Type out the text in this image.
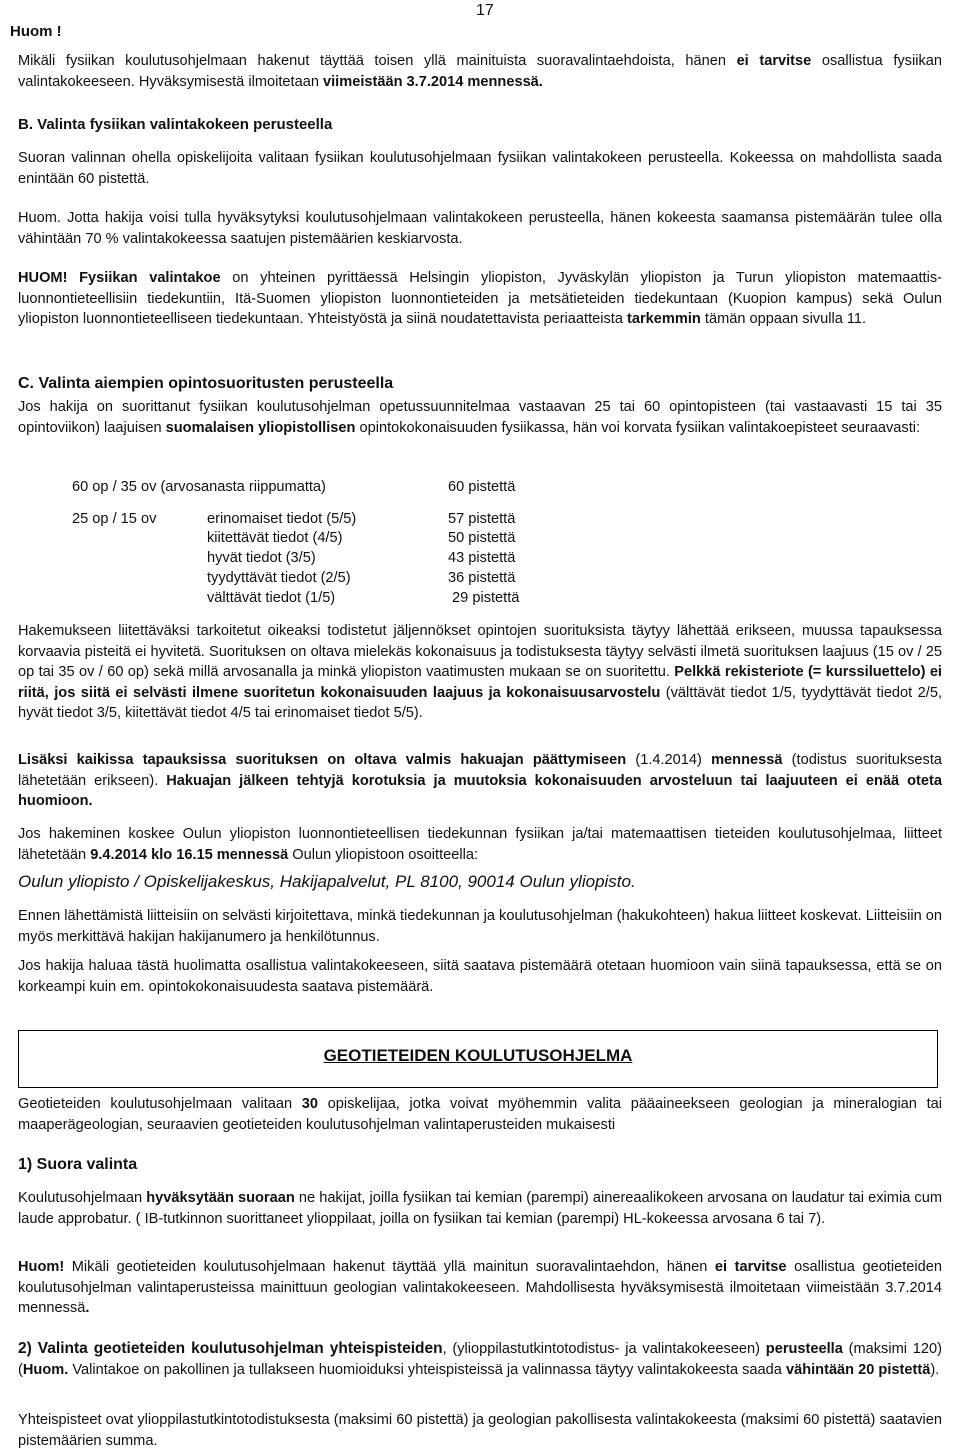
17
Huom !

Mikäli fysiikan koulutusohjelmaan hakenut täyttää toisen yllä mainituista suoravalintaehdoista, hänen ei tarvitse osallistua fysiikan valintakokeeseen. Hyväksymisestä ilmoitetaan viimeistään 3.7.2014 mennessä.

B. Valinta fysiikan valintakokeen perusteella

Suoran valinnan ohella opiskelijoita valitaan fysiikan koulutusohjelmaan fysiikan valintakokeen perusteella. Kokeessa on mahdollista saada enintään 60 pistettä.

Huom. Jotta hakija voisi tulla hyväksytyksi koulutusohjelmaan valintakokeen perusteella, hänen kokeesta saamansa pistemäärän tulee olla vähintään 70 % valintakokeessa saatujen pistemäärien keskiarvosta.

HUOM! Fysiikan valintakoe on yhteinen pyrittäessä Helsingin yliopiston, Jyväskylän yliopiston ja Turun yliopiston matemaattis-luonnontieteellisiin tiedekuntiin, Itä-Suomen yliopiston luonnontieteiden ja metsätieteiden tiedekuntaan (Kuopion kampus) sekä Oulun yliopiston luonnontieteelliseen tiedekuntaan. Yhteistyöstä ja siinä noudatettavista periaatteista tarkemmin tämän oppaan sivulla 11.

C. Valinta aiempien opintosuoritusten perusteella

Jos hakija on suorittanut fysiikan koulutusohjelman opetussuunnitelmaa vastaavan 25 tai 60 opintopisteen (tai vastaavasti 15 tai 35 opintoviikon) laajuisen suomalaisen yliopistollisen opintokokonaisuuden fysiikassa, hän voi korvata fysiikan valintakoepisteet seuraavasti:

60 op / 35 ov (arvosanasta riippumatta)	60 pistettä
25 op / 15 ov	erinomaiset tiedot (5/5)	57 pistettä
kiitettävät tiedot (4/5)	50 pistettä
hyvät tiedot (3/5)	43 pistettä
tyydyttävät tiedot (2/5)	36 pistettä
välttävät tiedot (1/5)	29 pistettä

Hakemukseen liitettäväksi tarkoitetut oikeaksi todistetut jäljennökset opintojen suorituksista täytyy lähettää erikseen, muussa tapauksessa korvaavia pisteitä ei hyvitetä. Suorituksen on oltava mielekäs kokonaisuus ja todistuksesta täytyy selvästi ilmetä suorituksen laajuus (15 ov / 25 op tai 35 ov / 60 op) sekä millä arvosanalla ja minkä yliopiston vaatimusten mukaan se on suoritettu. Pelkkä rekisteriote (= kurssiluettelo) ei riitä, jos siitä ei selvästi ilmene suoritetun kokonaisuuden laajuus ja kokonaisuusarvostelu (välttävät tiedot 1/5, tyydyttävät tiedot 2/5, hyvät tiedot 3/5, kiitettävät tiedot 4/5 tai erinomaiset tiedot 5/5).

Lisäksi kaikissa tapauksissa suorituksen on oltava valmis hakuajan päättymiseen (1.4.2014) mennessä (todistus suorituksesta lähetetään erikseen). Hakuajan jälkeen tehtyjä korotuksia ja muutoksia kokonaisuuden arvosteluun tai laajuuteen ei enää oteta huomioon.

Jos hakeminen koskee Oulun yliopiston luonnontieteellisen tiedekunnan fysiikan ja/tai matemaattisen tieteiden koulutusohjelmaa, liitteet lähetetään 9.4.2014 klo 16.15 mennessä Oulun yliopistoon osoitteella:

Oulun yliopisto / Opiskelijakeskus, Hakijapalvelut, PL 8100, 90014 Oulun yliopisto.

Ennen lähettämistä liitteisiin on selvästi kirjoitettava, minkä tiedekunnan ja koulutusohjelman (hakukohteen) hakua liitteet koskevat. Liitteisiin on myös merkittävä hakijan hakijanumero ja henkilötunnus.

Jos hakija haluaa tästä huolimatta osallistua valintakokeeseen, siitä saatava pistemäärä otetaan huomioon vain siinä tapauksessa, että se on korkeampi kuin em. opintokokonaisuudesta saatava pistemäärä.

GEOTIETEIDEN KOULUTUSOHJELMA

Geotieteiden koulutusohjelmaan valitaan 30 opiskelijaa, jotka voivat myöhemmin valita pääaineekseen geologian ja mineralogian tai maaperägeologian, seuraavien geotieteiden koulutusohjelman valintaperusteiden mukaisesti

1) Suora valinta

Koulutusohjelmaan hyväksytään suoraan ne hakijat, joilla fysiikan tai kemian (parempi) ainereaalikokeen arvosana on laudatur tai eximia cum laude approbatur. ( IB-tutkinnon suorittaneet ylioppilaat, joilla on fysiikan tai kemian (parempi) HL-kokeessa arvosana 6 tai 7).

Huom! Mikäli geotieteiden koulutusohjelmaan hakenut täyttää yllä mainitun suoravalintaehdon, hänen ei tarvitse osallistua geotieteiden koulutusohjelman valintaperusteissa mainittuun geologian valintakokeeseen. Mahdollisesta hyväksymisestä ilmoitetaan viimeistään 3.7.2014 mennessä.

2) Valinta geotieteiden koulutusohjelman yhteispisteiden, (ylioppilastutkintotodistus- ja valintakokeeseen) perusteella (maksimi 120) (Huom. Valintakoe on pakollinen ja tullakseen huomioiduksi yhteispisteissä ja valinnassa täytyy valintakokeesta saada vähintään 20 pistettä).

Yhteispisteet ovat ylioppilastutkintotodistuksesta (maksimi 60 pistettä) ja geologian pakollisesta valintakokeesta (maksimi 60 pistettä) saatavien pistemäärien summa.
